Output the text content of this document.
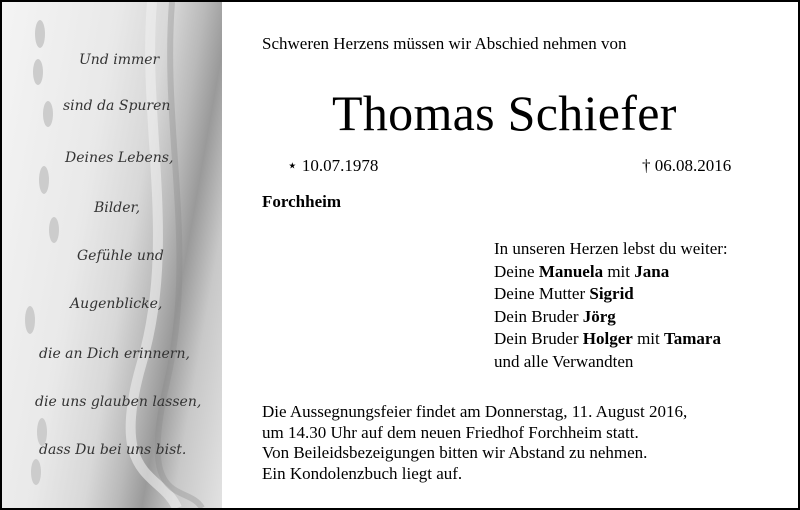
Und immer
sind da Spuren
Deines Lebens,
Bilder,
Gefühle und
Augenblicke,
die an Dich erinnern,
die uns glauben lassen,
dass Du bei uns bist.
Schweren Herzens müssen wir Abschied nehmen von
Thomas Schiefer
⋆ 10.07.1978	† 06.08.2016
Forchheim
In unseren Herzen lebst du weiter:
Deine Manuela mit Jana
Deine Mutter Sigrid
Dein Bruder Jörg
Dein Bruder Holger mit Tamara
und alle Verwandten
Die Aussegnungsfeier findet am Donnerstag, 11. August 2016,
um 14.30 Uhr auf dem neuen Friedhof Forchheim statt.
Von Beileidsbezeigungen bitten wir Abstand zu nehmen.
Ein Kondolenzbuch liegt auf.
